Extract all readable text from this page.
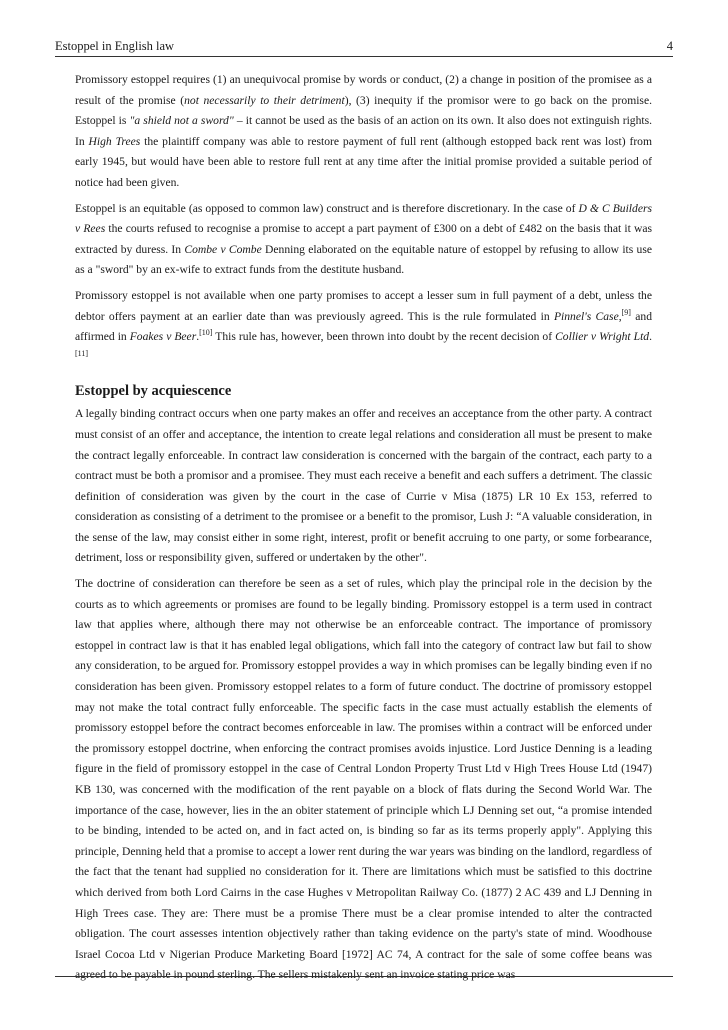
Estoppel in English law	4

Promissory estoppel requires (1) an unequivocal promise by words or conduct, (2) a change in position of the promisee as a result of the promise (not necessarily to their detriment), (3) inequity if the promisor were to go back on the promise. Estoppel is "a shield not a sword" – it cannot be used as the basis of an action on its own. It also does not extinguish rights. In High Trees the plaintiff company was able to restore payment of full rent (although estopped back rent was lost) from early 1945, but would have been able to restore full rent at any time after the initial promise provided a suitable period of notice had been given.

Estoppel is an equitable (as opposed to common law) construct and is therefore discretionary. In the case of D & C Builders v Rees the courts refused to recognise a promise to accept a part payment of £300 on a debt of £482 on the basis that it was extracted by duress. In Combe v Combe Denning elaborated on the equitable nature of estoppel by refusing to allow its use as a "sword" by an ex-wife to extract funds from the destitute husband.

Promissory estoppel is not available when one party promises to accept a lesser sum in full payment of a debt, unless the debtor offers payment at an earlier date than was previously agreed. This is the rule formulated in Pinnel's Case,[9] and affirmed in Foakes v Beer.[10] This rule has, however, been thrown into doubt by the recent decision of Collier v Wright Ltd.[11]

Estoppel by acquiescence

A legally binding contract occurs when one party makes an offer and receives an acceptance from the other party. A contract must consist of an offer and acceptance, the intention to create legal relations and consideration all must be present to make the contract legally enforceable. In contract law consideration is concerned with the bargain of the contract, each party to a contract must be both a promisor and a promisee. They must each receive a benefit and each suffers a detriment. The classic definition of consideration was given by the court in the case of Currie v Misa (1875) LR 10 Ex 153, referred to consideration as consisting of a detriment to the promisee or a benefit to the promisor, Lush J: “A valuable consideration, in the sense of the law, may consist either in some right, interest, profit or benefit accruing to one party, or some forbearance, detriment, loss or responsibility given, suffered or undertaken by the other".

The doctrine of consideration can therefore be seen as a set of rules, which play the principal role in the decision by the courts as to which agreements or promises are found to be legally binding. Promissory estoppel is a term used in contract law that applies where, although there may not otherwise be an enforceable contract. The importance of promissory estoppel in contract law is that it has enabled legal obligations, which fall into the category of contract law but fail to show any consideration, to be argued for. Promissory estoppel provides a way in which promises can be legally binding even if no consideration has been given. Promissory estoppel relates to a form of future conduct. The doctrine of promissory estoppel may not make the total contract fully enforceable. The specific facts in the case must actually establish the elements of promissory estoppel before the contract becomes enforceable in law. The promises within a contract will be enforced under the promissory estoppel doctrine, when enforcing the contract promises avoids injustice. Lord Justice Denning is a leading figure in the field of promissory estoppel in the case of Central London Property Trust Ltd v High Trees House Ltd (1947) KB 130, was concerned with the modification of the rent payable on a block of flats during the Second World War. The importance of the case, however, lies in the an obiter statement of principle which LJ Denning set out, “a promise intended to be binding, intended to be acted on, and in fact acted on, is binding so far as its terms properly apply". Applying this principle, Denning held that a promise to accept a lower rent during the war years was binding on the landlord, regardless of the fact that the tenant had supplied no consideration for it. There are limitations which must be satisfied to this doctrine which derived from both Lord Cairns in the case Hughes v Metropolitan Railway Co. (1877) 2 AC 439 and LJ Denning in High Trees case. They are: There must be a promise There must be a clear promise intended to alter the contracted obligation. The court assesses intention objectively rather than taking evidence on the party's state of mind. Woodhouse Israel Cocoa Ltd v Nigerian Produce Marketing Board [1972] AC 74, A contract for the sale of some coffee beans was agreed to be payable in pound sterling. The sellers mistakenly sent an invoice stating price was
